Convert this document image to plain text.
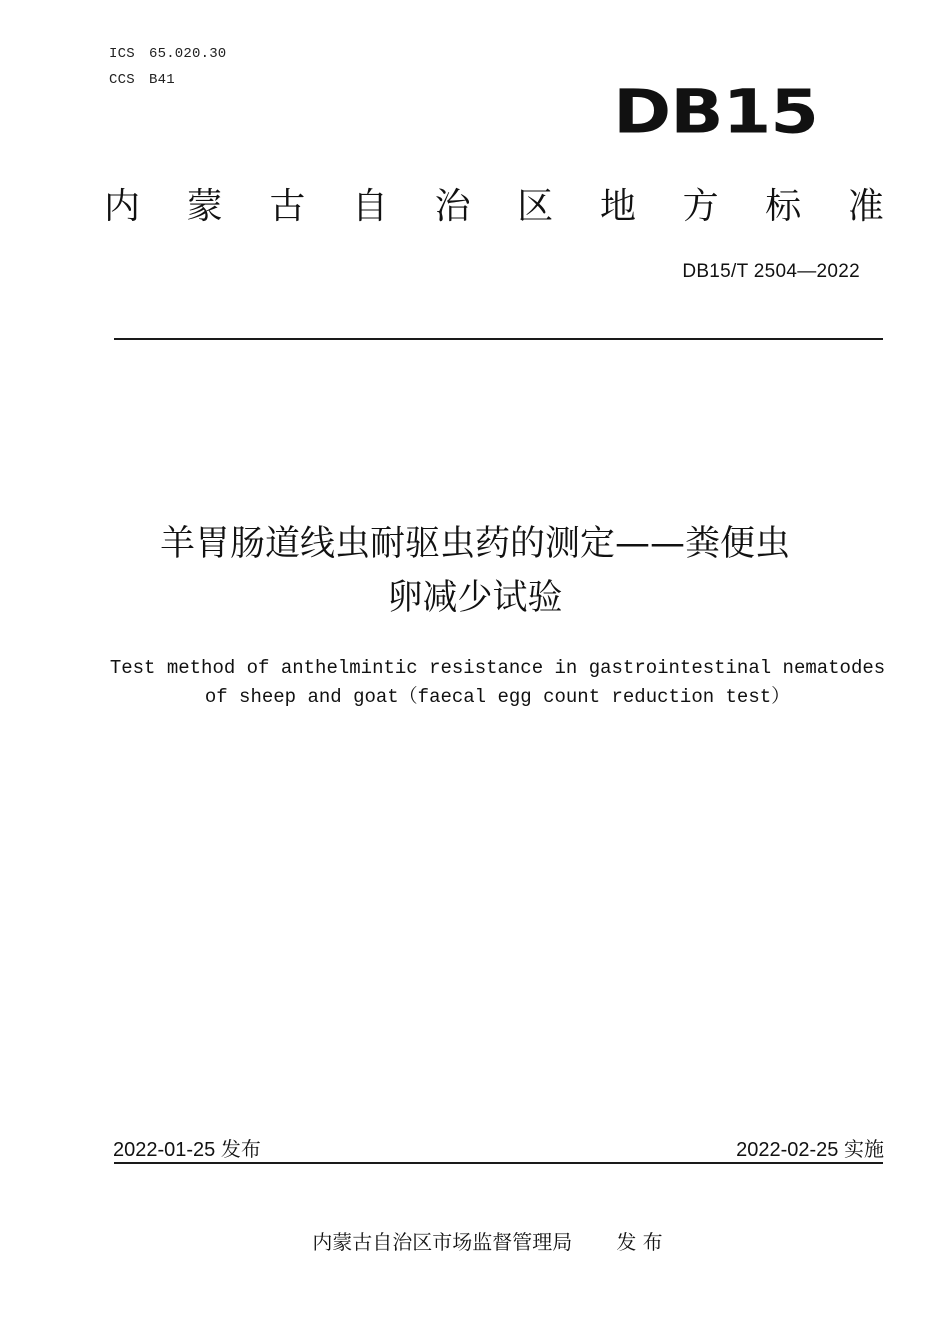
ICS 65.020.30
CCS B41	DB15
内 蒙 古 自 治 区 地 方 标 准
DB15/T 2504—2022
羊胃肠道线虫耐驱虫药的测定——粪便虫
卵减少试验
Test method of anthelmintic resistance in gastrointestinal nematodes
of sheep and goat（faecal egg count reduction test）
2022-01-25 发布	2022-02-25 实施
内蒙古自治区市场监督管理局 发 布
